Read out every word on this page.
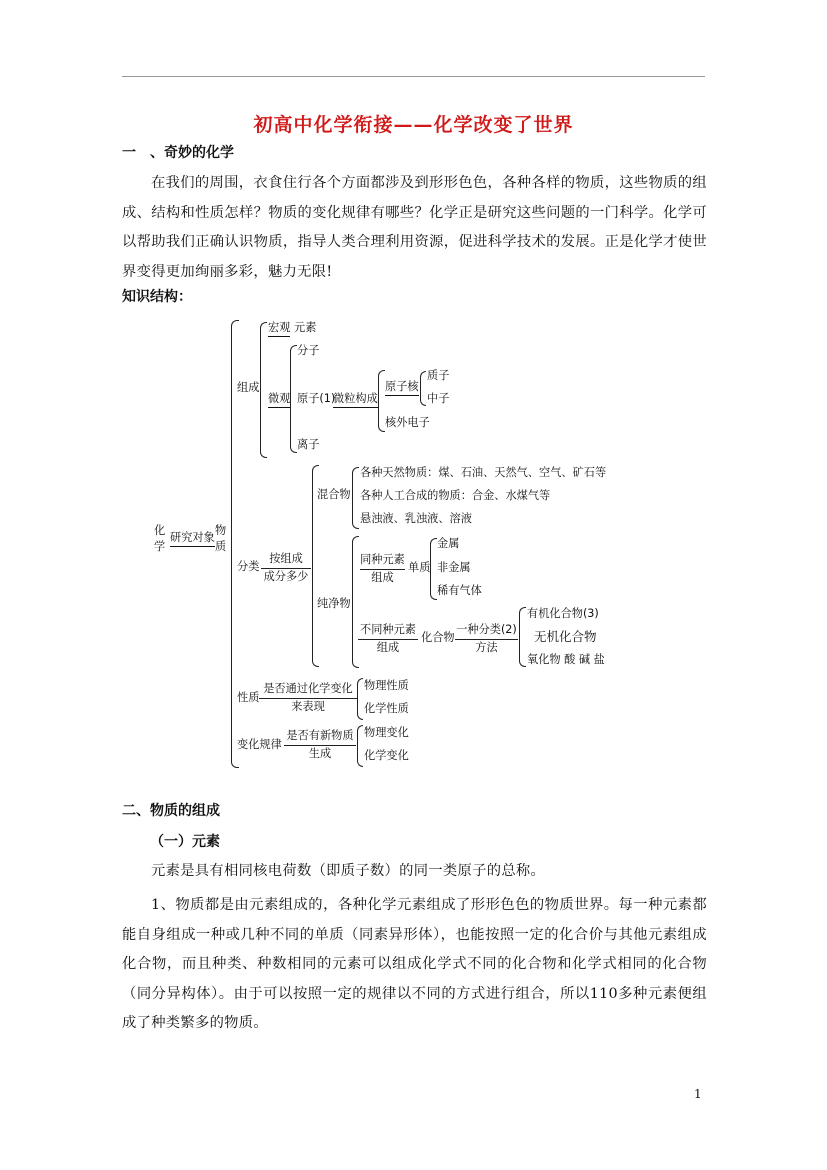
初高中化学衔接——化学改变了世界
一　、奇妙的化学
在我们的周围，衣食住行各个方面都涉及到形形色色，各种各样的物质，这些物质的组成、结构和性质怎样？物质的变化规律有哪些？化学正是研究这些问题的一门科学。化学可以帮助我们正确认识物质，指导人类合理利用资源，促进科学技术的发展。正是化学才使世界变得更加绚丽多彩，魅力无限!
知识结构：
化
学
研究对象
物
质
组成
宏观 元素
微观
分子
原子(1)
微粒构成
离子
原子核
质子
中子
核外电子
分类
按组成
成分多少
混合物
各种天然物质：煤、石油、天然气、空气、矿石等
各种人工合成的物质：合金、水煤气等
悬浊液、乳浊液、溶液
纯净物
同种元素
组成
单质
金属
非金属
稀有气体
不同种元素
组成
化合物
一种分类(2)
方法
有机化合物(3)
无机化合物
氧化物 酸 碱 盐
性质
是否通过化学变化
来表现
物理性质
化学性质
变化规律
是否有新物质
生成
物理变化
化学变化
二、物质的组成
（一）元素
元素是具有相同核电荷数（即质子数）的同一类原子的总称。
1、物质都是由元素组成的，各种化学元素组成了形形色色的物质世界。每一种元素都能自身组成一种或几种不同的单质（同素异形体），也能按照一定的化合价与其他元素组成化合物，而且种类、种数相同的元素可以组成化学式不同的化合物和化学式相同的化合物（同分异构体）。由于可以按照一定的规律以不同的方式进行组合，所以110多种元素便组成了种类繁多的物质。
1
